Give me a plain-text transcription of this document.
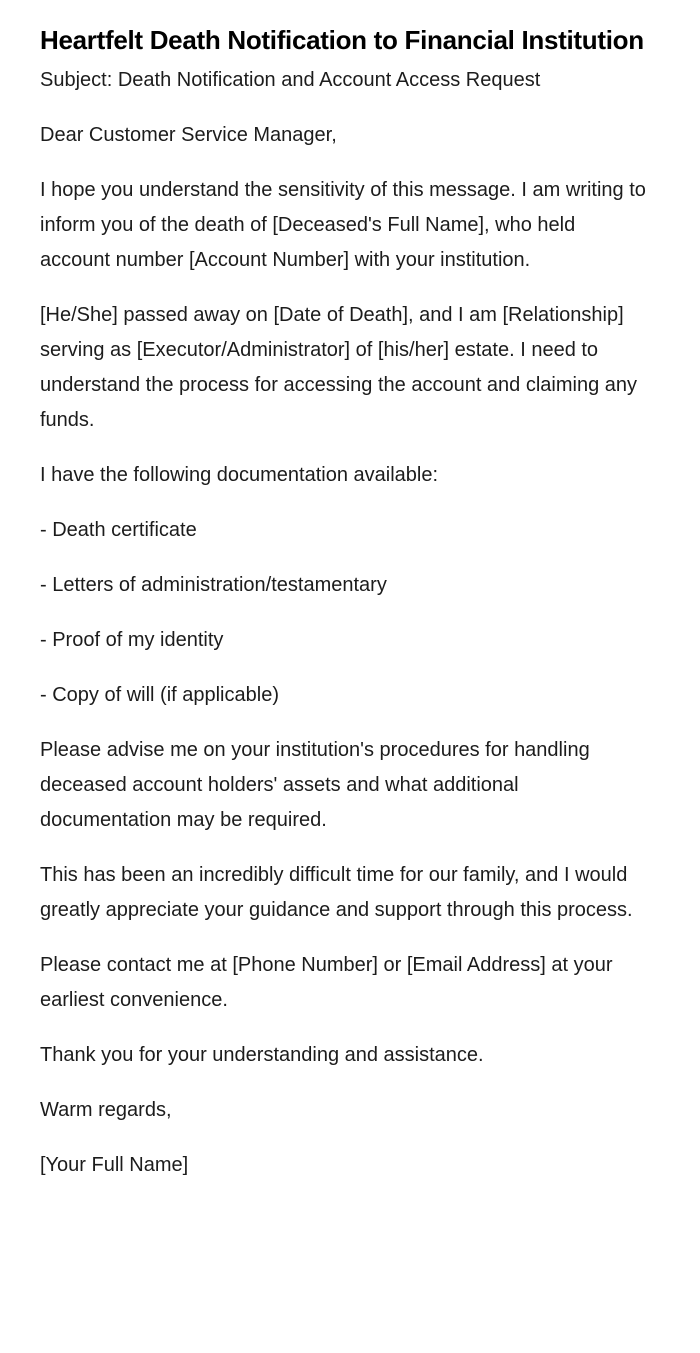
Heartfelt Death Notification to Financial Institution

Subject: Death Notification and Account Access Request

Dear Customer Service Manager,

I hope you understand the sensitivity of this message. I am writing to inform you of the death of [Deceased's Full Name], who held account number [Account Number] with your institution.

[He/She] passed away on [Date of Death], and I am [Relationship] serving as [Executor/Administrator] of [his/her] estate. I need to understand the process for accessing the account and claiming any funds.

I have the following documentation available:

- Death certificate

- Letters of administration/testamentary

- Proof of my identity

- Copy of will (if applicable)

Please advise me on your institution's procedures for handling deceased account holders' assets and what additional documentation may be required.

This has been an incredibly difficult time for our family, and I would greatly appreciate your guidance and support through this process.

Please contact me at [Phone Number] or [Email Address] at your earliest convenience.

Thank you for your understanding and assistance.

Warm regards,

[Your Full Name]
